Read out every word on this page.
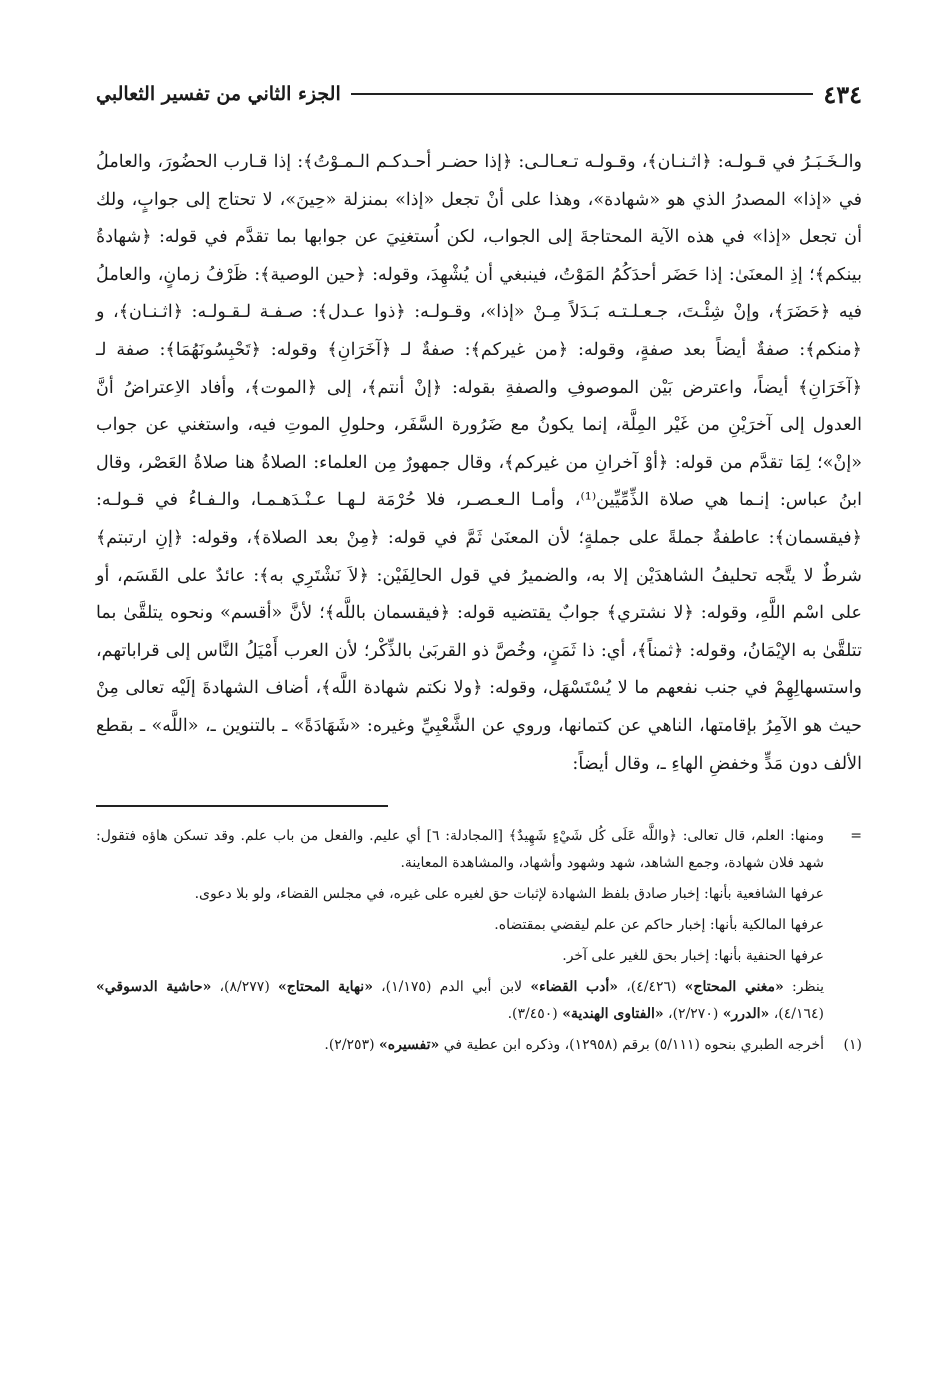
٤٣٤
الجزء الثاني من تفسير الثعالبي

والـخَـبَـرُ في قـولـه: ﴿اثـنـان﴾، وقـولـه تـعـالـى: ﴿إذا حضـر أحـدكـم الـمـوْتُ﴾: إذا قـارب الحضُورَ، والعاملُ في «إذا» المصدرُ الذي هو «شهادة»، وهذا على أنْ تجعل «إذا» بمنزلة «حِينَ»، لا تحتاج إلى جوابٍ، ولك أن تجعل «إذا» في هذه الآية المحتاجةَ إلى الجواب، لكن اُستغنِيَ عن جوابها بما تقدَّم في قوله: ﴿شهادةُ بينكم﴾؛ إذِ المعنَىٰ: إذا حَضَر أحدَكُمُ المَوْتُ، فينبغي أن يُشْهِدَ، وقوله: ﴿حين الوصية﴾: ظَرْفُ زمانٍ، والعاملُ فيه ﴿حَضَرَ﴾، وإنْ شِئْـتَ، جـعـلـتـه بَـدَلاً مِـنْ «إذا»، وقـولـه: ﴿ذوا عـدل﴾: صـفـة لـقـولـه: ﴿اثـنـان﴾، و ﴿منكم﴾: صفةٌ أيضاً بعد صفةٍ، وقوله: ﴿من غيركم﴾: صفةٌ لـ ﴿آخَرَانِ﴾ وقوله: ﴿تَحْبِسُونَهُمَا﴾: صفة لـ ﴿آخَرَانِ﴾ أيضاً، واعترض بَيْن الموصوفِ والصفةِ بقوله: ﴿إنْ أنتم﴾، إلى ﴿الموت﴾، وأفاد الاِعتراضُ أنَّ العدول إلى آخرَيْنِ من غَيْر المِلَّة، إنما يكونُ مع ضَرُورة السَّفَر، وحلولِ الموتِ فيه، واستغني عن جواب «إنْ»؛ لِمَا تقدَّم من قوله: ﴿أوْ آخرانِ من غيركم﴾، وقال جمهورٌ مِن العلماء: الصلاةُ هنا صلاةُ العَصْر، وقال ابنُ عباس: إنـما هي صلاة الذِّمِّيِّين⁽¹⁾، وأمـا الـعـصـر، فلا حُرْمَة لـهـا عـنْـدَهـمـا، والـفـاءُ في قـولـه: ﴿فيقسمان﴾: عاطفةٌ جملةً على جملةٍ؛ لأن المعنَىٰ ثَمَّ في قوله: ﴿مِنْ بعد الصلاة﴾، وقوله: ﴿إنِ ارتبتم﴾ شرطٌ لا يتَّجه تحليفُ الشاهدَيْن إلا به، والضميرُ في قول الحالِفَيْن: ﴿لاَ نَشْتَرِي به﴾: عائدٌ على القَسَم، أو على اسْم اللَّهِ، وقوله: ﴿لا نشتري﴾ جوابٌ يقتضيه قوله: ﴿فيقسمان باللَّه﴾؛ لأنَّ «أقسم» ونحوه يتلقَّىٰ بما تتلقَّىٰ به الإيْمَانُ، وقوله: ﴿ثمناً﴾، أي: ذا ثَمَنٍ، وخُصَّ ذو القربَىٰ بالذِّكْر؛ لأن العرب أَمْيَلُ النَّاس إلى قراباتهم، واستسهالِهِمْ في جنب نفعهم ما لا يُسْتَسْهَل، وقوله: ﴿ولا نكتم شهادة اللَّه﴾، أضاف الشهادةَ إلَيْه تعالى مِنْ حيث هو الآمِرُ بإقامتها، الناهي عن كتمانها، وروي عن الشَّعْبِيِّ وغيره: «شَهَادَةً» ـ بالتنوين ـ، «اللَّه» ـ بقطع الألف دون مَدٍّ وخفضِ الهاءِ ـ، وقال أيضاً:

=
ومنها: العلم، قال تعالى: ﴿واللَّه عَلَى كُل شَيْءٍ شَهِيدٌ﴾ [المجادلة: ٦] أي عليم. والفعل من باب علم. وقد تسكن هاؤه فتقول: شهد فلان شهادة، وجمع الشاهد، شهد وشهود وأشهاد، والمشاهدة المعاينة.
عرفها الشافعية بأنها: إخبار صادق بلفظ الشهادة لإثبات حق لغيره على غيره، في مجلس القضاء، ولو بلا دعوى.
عرفها المالكية بأنها: إخبار حاكم عن علم ليقضي بمقتضاه.
عرفها الحنفية بأنها: إخبار بحق للغير على آخر.
ينظر: «مغني المحتاج» (٤/٤٢٦)، «أدب القضاء» لابن أبي الدم (١/١٧٥)، «نهاية المحتاج» (٨/٢٧٧)، «حاشية الدسوقي» (٤/١٦٤)، «الدرر» (٢/٢٧٠)، «الفتاوى الهندية» (٣/٤٥٠).
(١)
أخرجه الطبري بنحوه (٥/١١١) برقم (١٢٩٥٨)، وذكره ابن عطية في «تفسيره» (٢/٢٥٣).
